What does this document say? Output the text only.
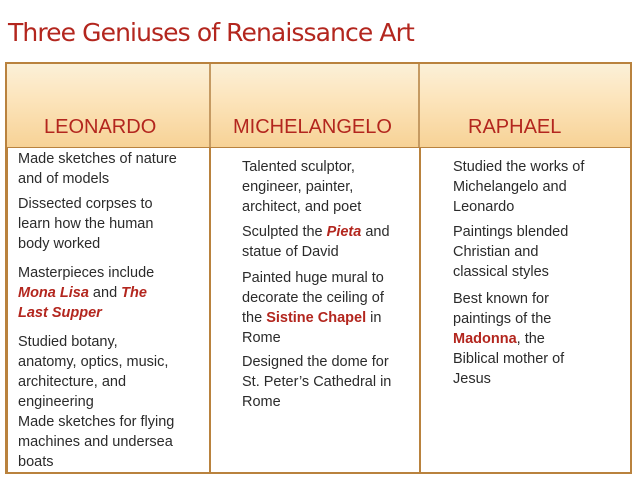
Three Geniuses of Renaissance Art
LEONARDO	MICHELANGELO	RAPHAEL
Made sketches of nature
and of models
Dissected corpses to
learn how the human
body worked
Masterpieces include
Mona Lisa and The
Last Supper
Studied botany,
anatomy, optics, music,
architecture, and
engineering
Made sketches for flying
machines and undersea
boats
Talented sculptor,
engineer, painter,
architect, and poet
Sculpted the Pieta and
statue of David
Painted huge mural to
decorate the ceiling of
the Sistine Chapel in
Rome
Designed the dome for
St. Peter’s Cathedral in
Rome
Studied the works of
Michelangelo and
Leonardo
Paintings blended
Christian and
classical styles
Best known for
paintings of the
Madonna, the
Biblical mother of
Jesus
